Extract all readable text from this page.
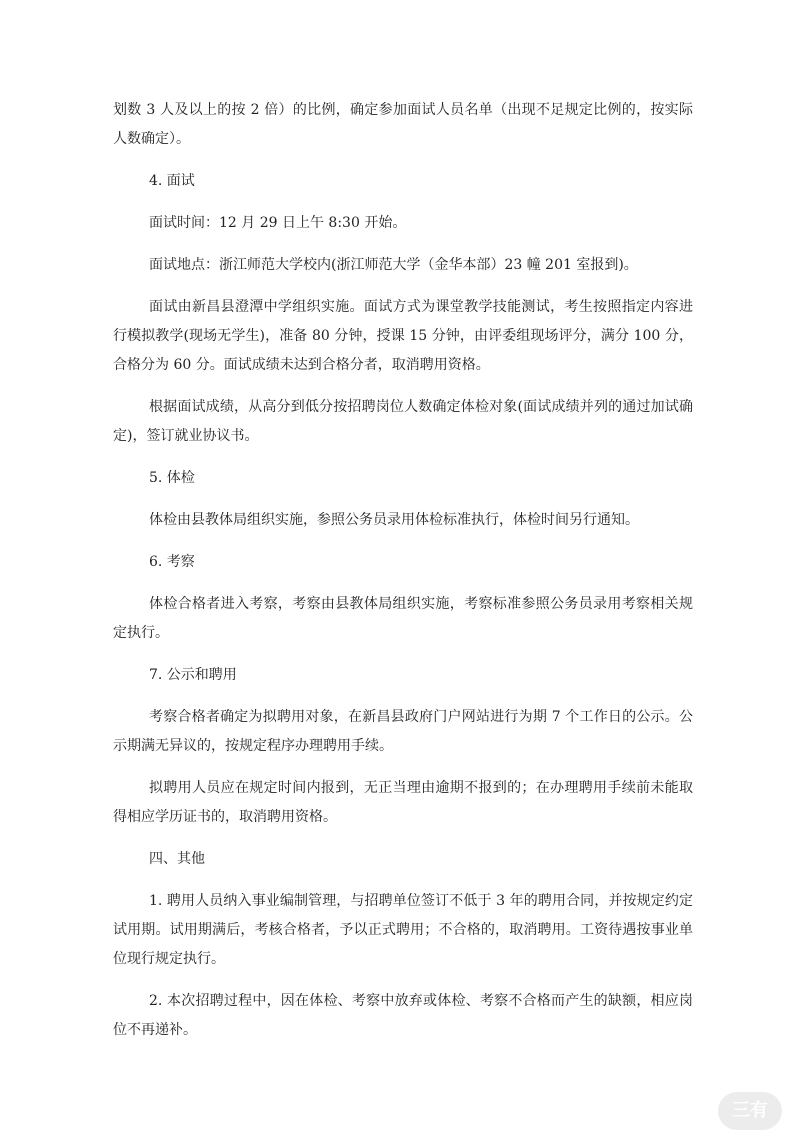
划数 3 人及以上的按 2 倍）的比例，确定参加面试人员名单（出现不足规定比例的，按实际人数确定）。

4. 面试

面试时间：12 月 29 日上午 8:30 开始。

面试地点：浙江师范大学校内(浙江师范大学（金华本部）23 幢 201 室报到)。

面试由新昌县澄潭中学组织实施。面试方式为课堂教学技能测试，考生按照指定内容进行模拟教学(现场无学生)，准备 80 分钟，授课 15 分钟，由评委组现场评分，满分 100 分，合格分为 60 分。面试成绩未达到合格分者，取消聘用资格。

根据面试成绩，从高分到低分按招聘岗位人数确定体检对象(面试成绩并列的通过加试确定)，签订就业协议书。

5. 体检

体检由县教体局组织实施，参照公务员录用体检标准执行，体检时间另行通知。

6. 考察

体检合格者进入考察，考察由县教体局组织实施，考察标准参照公务员录用考察相关规定执行。

7. 公示和聘用

考察合格者确定为拟聘用对象，在新昌县政府门户网站进行为期 7 个工作日的公示。公示期满无异议的，按规定程序办理聘用手续。

拟聘用人员应在规定时间内报到，无正当理由逾期不报到的；在办理聘用手续前未能取得相应学历证书的，取消聘用资格。

四、其他

1. 聘用人员纳入事业编制管理，与招聘单位签订不低于 3 年的聘用合同，并按规定约定试用期。试用期满后，考核合格者，予以正式聘用；不合格的，取消聘用。工资待遇按事业单位现行规定执行。

2. 本次招聘过程中，因在体检、考察中放弃或体检、考察不合格而产生的缺额，相应岗位不再递补。

三有
